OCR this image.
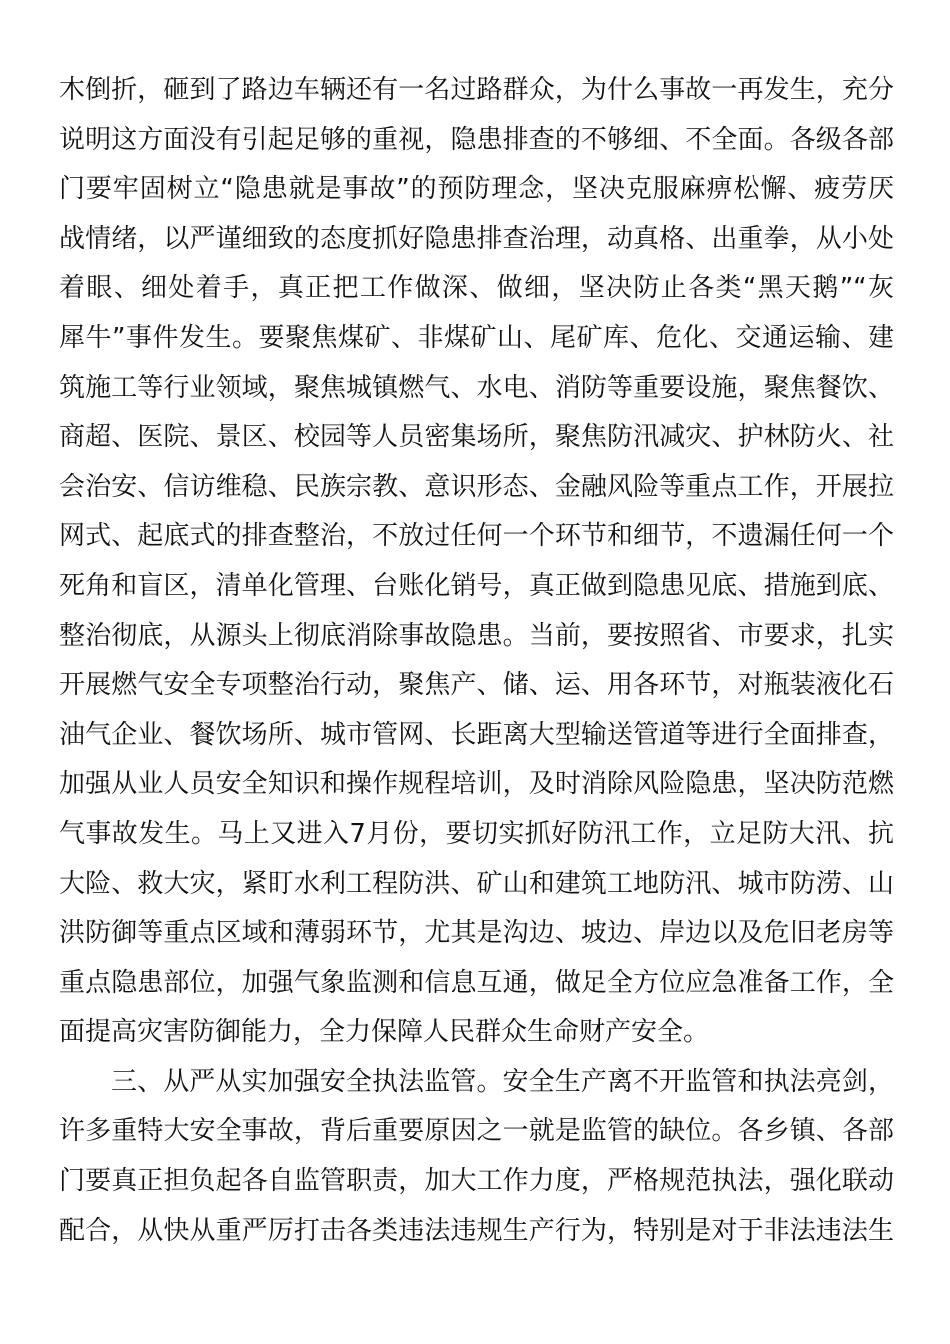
木倒折，砸到了路边车辆还有一名过路群众，为什么事故一再发生，充分
说明这方面没有引起足够的重视，隐患排查的不够细、不全面。各级各部
门要牢固树立“隐患就是事故”的预防理念，坚决克服麻痹松懈、疲劳厌
战情绪，以严谨细致的态度抓好隐患排查治理，动真格、出重拳，从小处
着眼、细处着手，真正把工作做深、做细，坚决防止各类“黑天鹅”“灰
犀牛”事件发生。要聚焦煤矿、非煤矿山、尾矿库、危化、交通运输、建
筑施工等行业领域，聚焦城镇燃气、水电、消防等重要设施，聚焦餐饮、
商超、医院、景区、校园等人员密集场所，聚焦防汛减灾、护林防火、社
会治安、信访维稳、民族宗教、意识形态、金融风险等重点工作，开展拉
网式、起底式的排查整治，不放过任何一个环节和细节，不遗漏任何一个
死角和盲区，清单化管理、台账化销号，真正做到隐患见底、措施到底、
整治彻底，从源头上彻底消除事故隐患。当前，要按照省、市要求，扎实
开展燃气安全专项整治行动，聚焦产、储、运、用各环节，对瓶装液化石
油气企业、餐饮场所、城市管网、长距离大型输送管道等进行全面排查，
加强从业人员安全知识和操作规程培训，及时消除风险隐患，坚决防范燃
气事故发生。马上又进入7月份，要切实抓好防汛工作，立足防大汛、抗
大险、救大灾，紧盯水利工程防洪、矿山和建筑工地防汛、城市防涝、山
洪防御等重点区域和薄弱环节，尤其是沟边、坡边、岸边以及危旧老房等
重点隐患部位，加强气象监测和信息互通，做足全方位应急准备工作，全
面提高灾害防御能力，全力保障人民群众生命财产安全。
三、从严从实加强安全执法监管。安全生产离不开监管和执法亮剑，
许多重特大安全事故，背后重要原因之一就是监管的缺位。各乡镇、各部
门要真正担负起各自监管职责，加大工作力度，严格规范执法，强化联动
配合，从快从重严厉打击各类违法违规生产行为，特别是对于非法违法生
